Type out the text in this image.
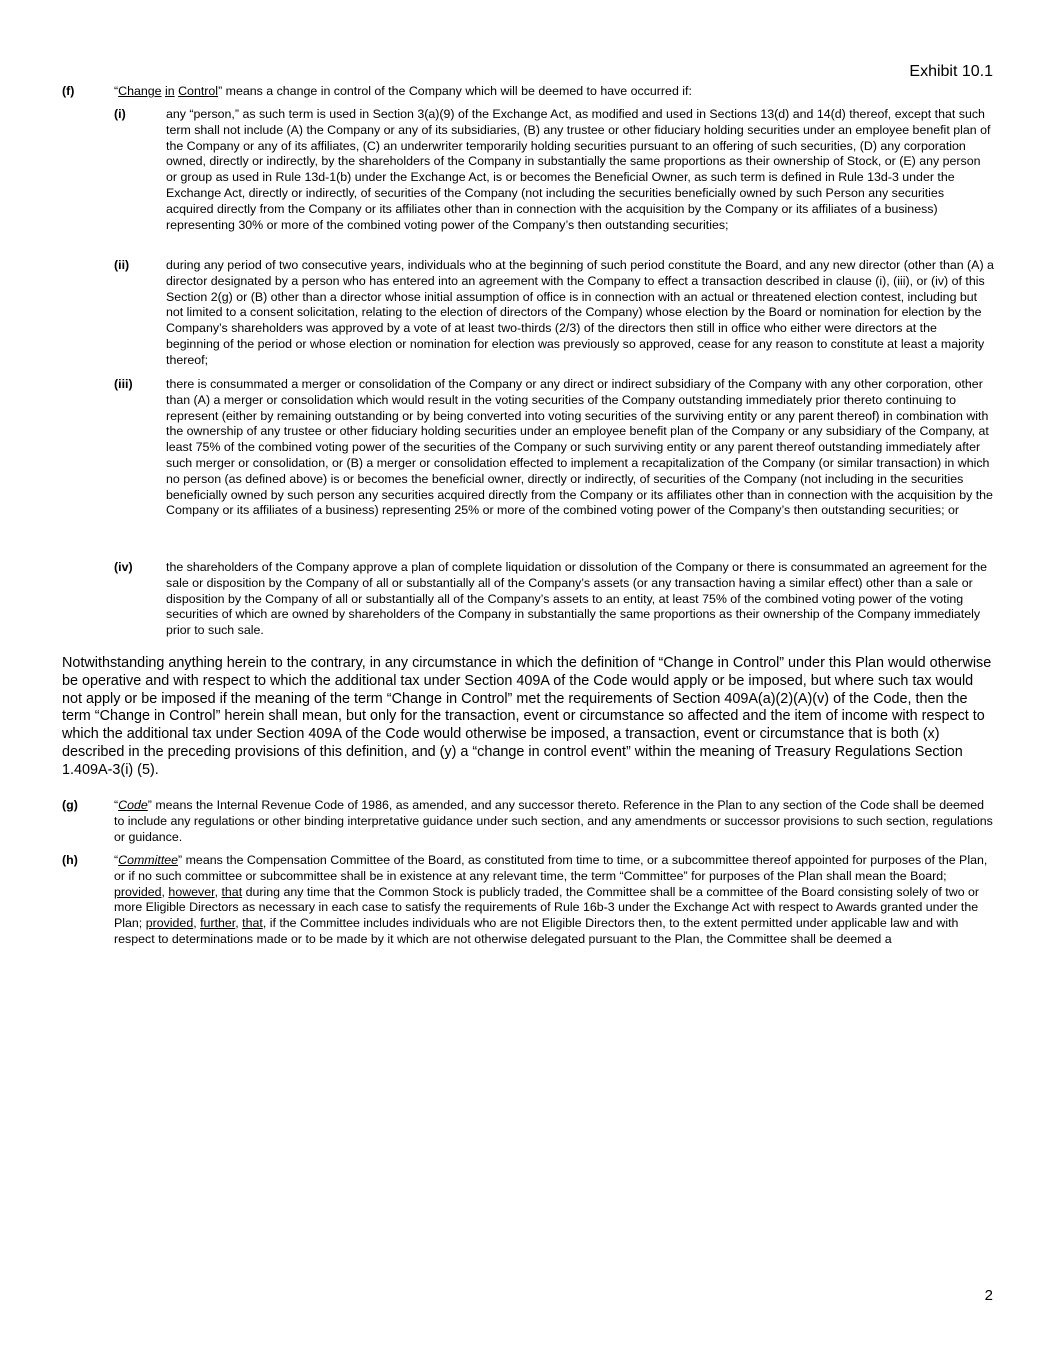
Exhibit 10.1
(f)	“Change in Control” means a change in control of the Company which will be deemed to have occurred if:
(i)	any “person,” as such term is used in Section 3(a)(9) of the Exchange Act, as modified and used in Sections 13(d) and 14(d) thereof, except that such term shall not include (A) the Company or any of its subsidiaries, (B) any trustee or other fiduciary holding securities under an employee benefit plan of the Company or any of its affiliates, (C) an underwriter temporarily holding securities pursuant to an offering of such securities, (D) any corporation owned, directly or indirectly, by the shareholders of the Company in substantially the same proportions as their ownership of Stock, or (E) any person or group as used in Rule 13d-1(b) under the Exchange Act, is or becomes the Beneficial Owner, as such term is defined in Rule 13d-3 under the Exchange Act, directly or indirectly, of securities of the Company (not including the securities beneficially owned by such Person any securities acquired directly from the Company or its affiliates other than in connection with the acquisition by the Company or its affiliates of a business) representing 30% or more of the combined voting power of the Company’s then outstanding securities;
(ii)	during any period of two consecutive years, individuals who at the beginning of such period constitute the Board, and any new director (other than (A) a director designated by a person who has entered into an agreement with the Company to effect a transaction described in clause (i), (iii), or (iv) of this Section 2(g) or (B) other than a director whose initial assumption of office is in connection with an actual or threatened election contest, including but not limited to a consent solicitation, relating to the election of directors of the Company) whose election by the Board or nomination for election by the Company’s shareholders was approved by a vote of at least two-thirds (2/3) of the directors then still in office who either were directors at the beginning of the period or whose election or nomination for election was previously so approved, cease for any reason to constitute at least a majority thereof;
(iii)	there is consummated a merger or consolidation of the Company or any direct or indirect subsidiary of the Company with any other corporation, other than (A) a merger or consolidation which would result in the voting securities of the Company outstanding immediately prior thereto continuing to represent (either by remaining outstanding or by being converted into voting securities of the surviving entity or any parent thereof) in combination with the ownership of any trustee or other fiduciary holding securities under an employee benefit plan of the Company or any subsidiary of the Company, at least 75% of the combined voting power of the securities of the Company or such surviving entity or any parent thereof outstanding immediately after such merger or consolidation, or (B) a merger or consolidation effected to implement a recapitalization of the Company (or similar transaction) in which no person (as defined above) is or becomes the beneficial owner, directly or indirectly, of securities of the Company (not including in the securities beneficially owned by such person any securities acquired directly from the Company or its affiliates other than in connection with the acquisition by the Company or its affiliates of a business) representing 25% or more of the combined voting power of the Company’s then outstanding securities; or
(iv)	the shareholders of the Company approve a plan of complete liquidation or dissolution of the Company or there is consummated an agreement for the sale or disposition by the Company of all or substantially all of the Company’s assets (or any transaction having a similar effect) other than a sale or disposition by the Company of all or substantially all of the Company’s assets to an entity, at least 75% of the combined voting power of the voting securities of which are owned by shareholders of the Company in substantially the same proportions as their ownership of the Company immediately prior to such sale.
Notwithstanding anything herein to the contrary, in any circumstance in which the definition of “Change in Control” under this Plan would otherwise be operative and with respect to which the additional tax under Section 409A of the Code would apply or be imposed, but where such tax would not apply or be imposed if the meaning of the term “Change in Control” met the requirements of Section 409A(a)(2)(A)(v) of the Code, then the term “Change in Control” herein shall mean, but only for the transaction, event or circumstance so affected and the item of income with respect to which the additional tax under Section 409A of the Code would otherwise be imposed, a transaction, event or circumstance that is both (x) described in the preceding provisions of this definition, and (y) a “change in control event” within the meaning of Treasury Regulations Section 1.409A-3(i) (5).
(g)	“Code” means the Internal Revenue Code of 1986, as amended, and any successor thereto. Reference in the Plan to any section of the Code shall be deemed to include any regulations or other binding interpretative guidance under such section, and any amendments or successor provisions to such section, regulations or guidance.
(h)	“Committee” means the Compensation Committee of the Board, as constituted from time to time, or a subcommittee thereof appointed for purposes of the Plan, or if no such committee or subcommittee shall be in existence at any relevant time, the term “Committee” for purposes of the Plan shall mean the Board; provided, however, that during any time that the Common Stock is publicly traded, the Committee shall be a committee of the Board consisting solely of two or more Eligible Directors as necessary in each case to satisfy the requirements of Rule 16b-3 under the Exchange Act with respect to Awards granted under the Plan; provided, further, that, if the Committee includes individuals who are not Eligible Directors then, to the extent permitted under applicable law and with respect to determinations made or to be made by it which are not otherwise delegated pursuant to the Plan, the Committee shall be deemed a
2
